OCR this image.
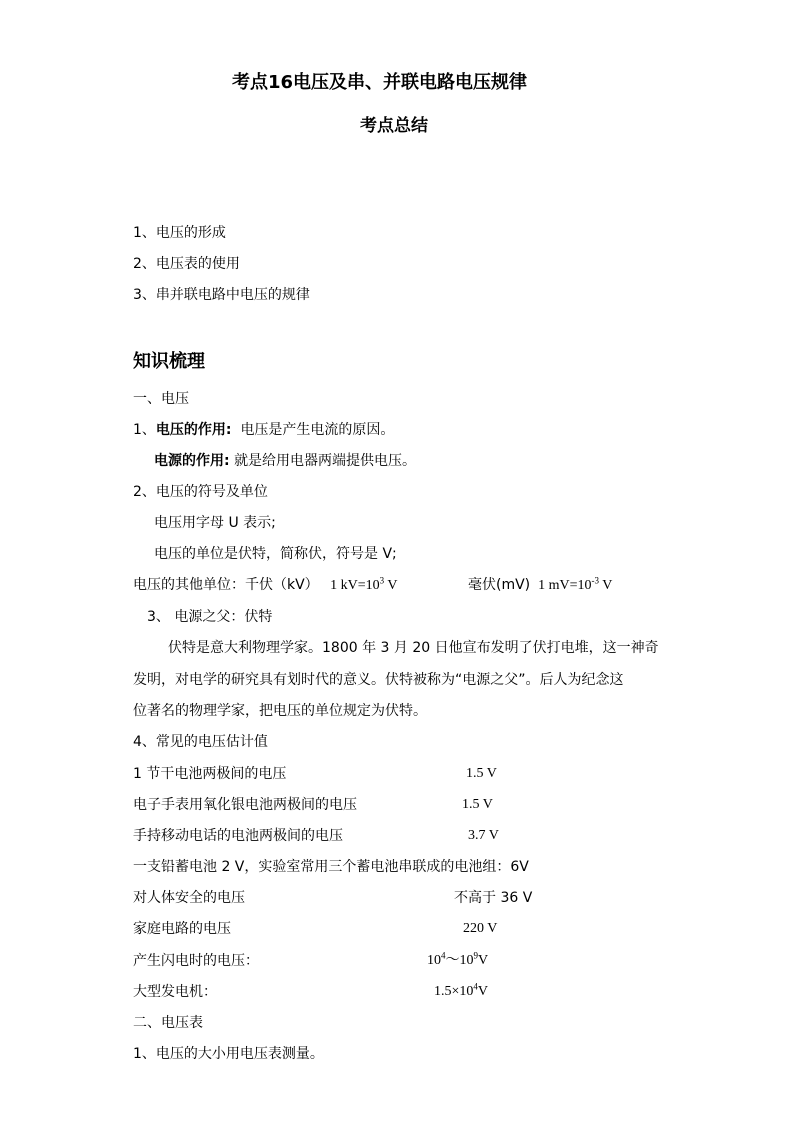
考点16电压及串、并联电路电压规律
考点总结
1、电压的形成
2、电压表的使用
3、串并联电路中电压的规律
知识梳理
一、电压
1、电压的作用: 电压是产生电流的原因。
电源的作用: 就是给用电器两端提供电压。
2、电压的符号及单位
电压用字母 U 表示;
电压的单位是伏特，简称伏，符号是 V;
电压的其他单位：千伏（kV） 1 $kV=10^3$ V	毫伏(mV) 1 $mV=10^{-3}$ V
3、 电源之父：伏特
伏特是意大利物理学家。1800 年 3 月 20 日他宣布发明了伏打电堆，这一神奇
发明，对电学的研究具有划时代的意义。伏特被称为“电源之父”。后人为纪念这
位著名的物理学家，把电压的单位规定为伏特。
4、常见的电压估计值
1 节干电池两极间的电压	1.5 V
电子手表用氧化银电池两极间的电压	1.5 V
手持移动电话的电池两极间的电压	3.7 V
一支铅蓄电池 2 V，实验室常用三个蓄电池串联成的电池组：6V
对人体安全的电压	不高于 36 V
家庭电路的电压	220 V
产生闪电时的电压：	$10^4\sim 10^9V$
大型发电机：	$1.5\times 10^4V$
二、电压表
1、电压的大小用电压表测量。
